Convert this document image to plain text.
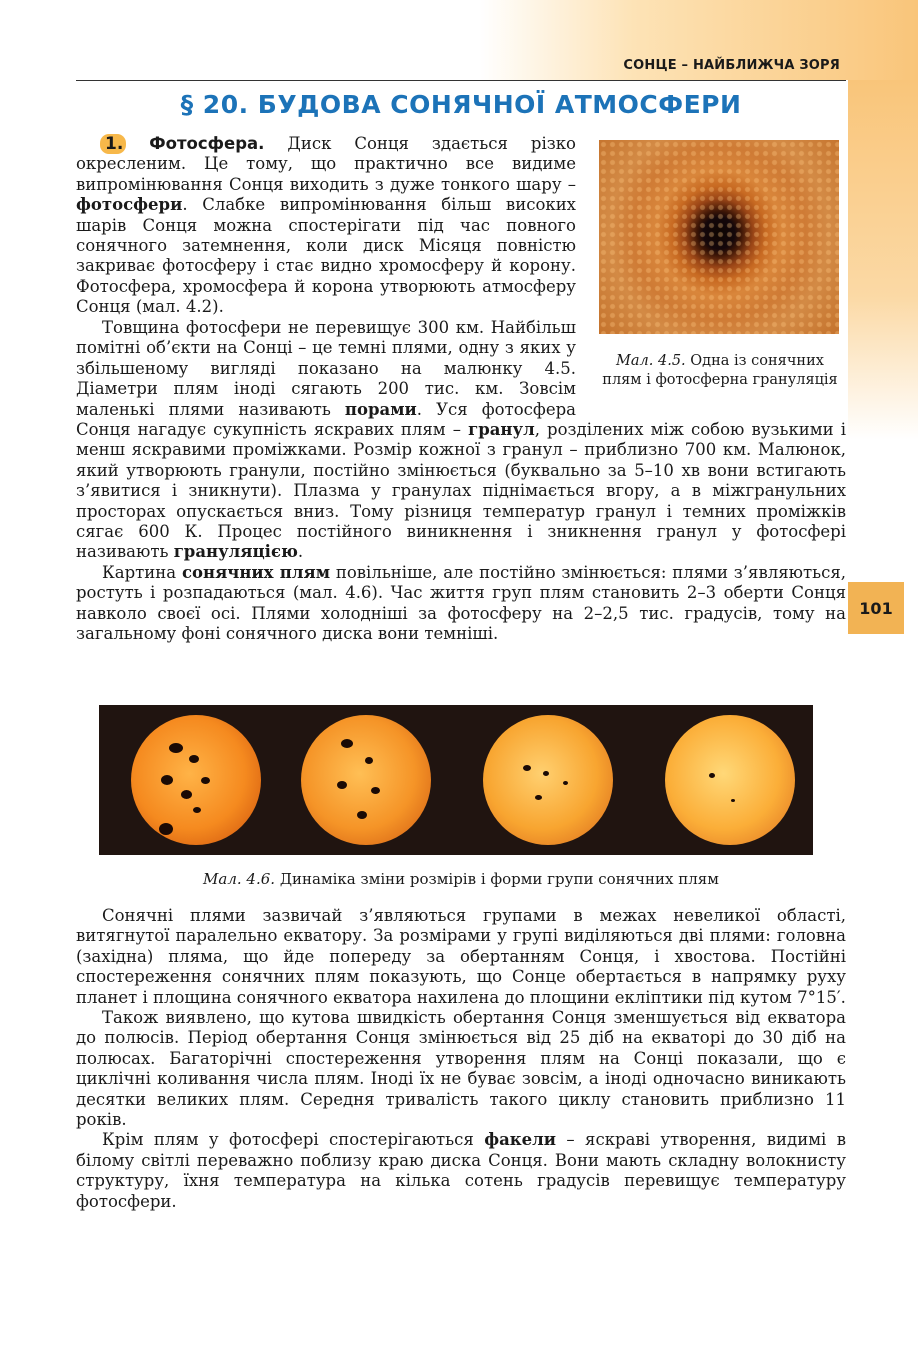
СОНЦЕ – НАЙБЛИЖЧА ЗОРЯ
101
§ 20. БУДОВА СОНЯЧНОЇ АТМОСФЕРИ

1. Фотосфера. Диск Сонця здається різко окресленим. Це тому, що практично все видиме випромінювання Сонця виходить з дуже тонкого шару – фотосфери. Слабке випромінювання більш високих шарів Сонця можна спостерігати під час повного сонячного затемнення, коли диск Місяця повністю закриває фотосферу і стає видно хромосферу й корону. Фотосфера, хромосфера й корона утворюють атмосферу Сонця (мал. 4.2).

Мал. 4.5. Одна із сонячних плям і фотосферна грануляція

Товщина фотосфери не перевищує 300 км. Найбільш помітні об’єкти на Сонці – це темні плями, одну з яких у збільшеному вигляді показано на малюнку 4.5. Діаметри плям іноді сягають 200 тис. км. Зовсім маленькі плями називають порами. Уся фотосфера Сонця нагадує сукупність яскравих плям – гранул, розділених між собою вузькими і менш яскравими проміжками. Розмір кожної з гранул – приблизно 700 км. Малюнок, який утворюють гранули, постійно змінюється (буквально за 5–10 хв вони встигають з’явитися і зникнути). Плазма у гранулах піднімається вгору, а в міжгранульних просторах опускається вниз. Тому різниця температур гранул і темних проміжків сягає 600 К. Процес постійного виникнення і зникнення гранул у фотосфері називають грануляцією.

Картина сонячних плям повільніше, але постійно змінюється: плями з’являються, ростуть і розпадаються (мал. 4.6). Час життя груп плям становить 2–3 оберти Сонця навколо своєї осі. Плями холодніші за фотосферу на 2–2,5 тис. градусів, тому на загальному фоні сонячного диска вони темніші.

Мал. 4.6. Динаміка зміни розмірів і форми групи сонячних плям

Сонячні плями зазвичай з’являються групами в межах невеликої області, витягнутої паралельно екватору. За розмірами у групі виділяються дві плями: головна (західна) пляма, що йде попереду за обертанням Сонця, і хвостова. Постійні спостереження сонячних плям показують, що Сонце обертається в напрямку руху планет і площина сонячного екватора нахилена до площини екліптики під кутом 7°15′.

Також виявлено, що кутова швидкість обертання Сонця зменшується від екватора до полюсів. Період обертання Сонця змінюється від 25 діб на екваторі до 30 діб на полюсах. Багаторічні спостереження утворення плям на Сонці показали, що є циклічні коливання числа плям. Іноді їх не буває зовсім, а іноді одночасно виникають десятки великих плям. Середня тривалість такого циклу становить приблизно 11 років.

Крім плям у фотосфері спостерігаються факели – яскраві утворення, видимі в білому світлі переважно поблизу краю диска Сонця. Вони мають складну волокнисту структуру, їхня температура на кілька сотень градусів перевищує температуру фотосфери.
